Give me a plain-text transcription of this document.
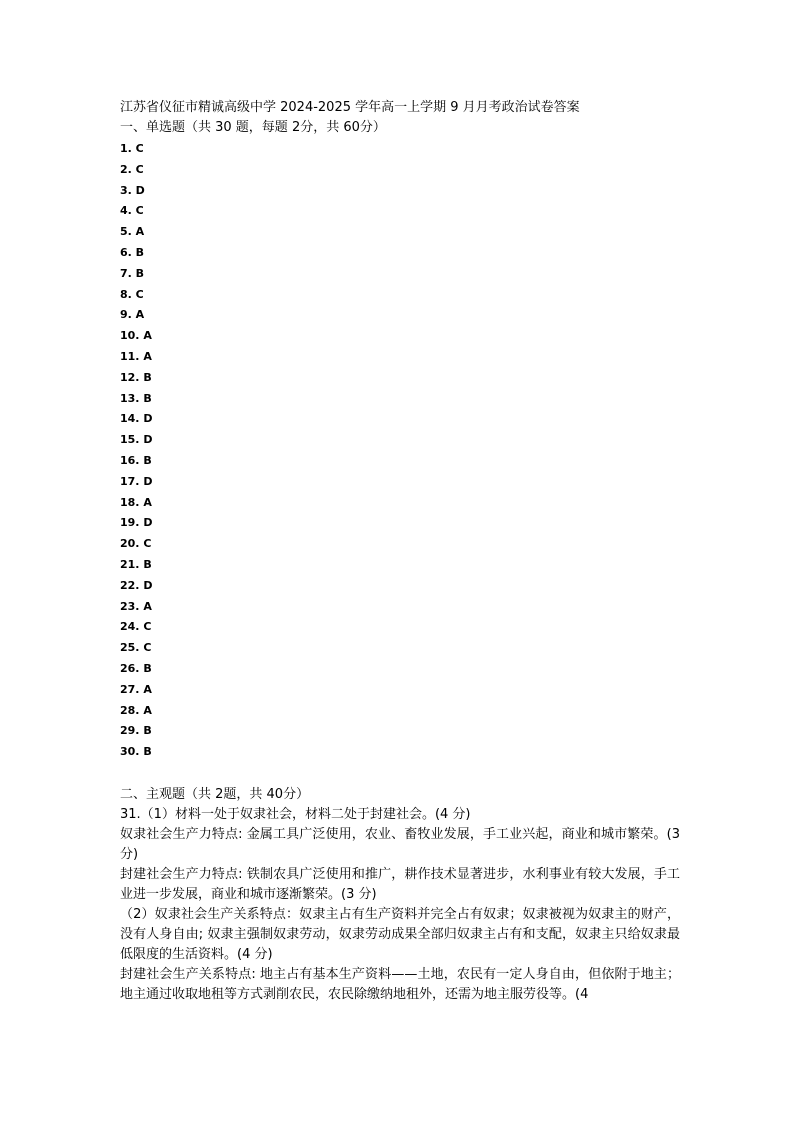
江苏省仪征市精诚高级中学 2024-2025 学年高一上学期 9 月月考政治试卷答案
一、单选题（共 30 题，每题 2分，共 60分）
1. C
2. C
3. D
4. C
5. A
6. B
7. B
8. C
9. A
10. A
11. A
12. B
13. B
14. D
15. D
16. B
17. D
18. A
19. D
20. C
21. B
22. D
23. A
24. C
25. C
26. B
27. A
28. A
29. B
30. B
二、主观题（共 2题，共 40分）

31.（1）材料一处于奴隶社会，材料二处于封建社会。(4 分)

奴隶社会生产力特点: 金属工具广泛使用，农业、畜牧业发展，手工业兴起，商业和城市繁荣。(3 分)

封建社会生产力特点: 铁制农具广泛使用和推广，耕作技术显著进步，水利事业有较大发展，手工业进一步发展，商业和城市逐渐繁荣。(3 分)

（2）奴隶社会生产关系特点：奴隶主占有生产资料并完全占有奴隶；奴隶被视为奴隶主的财产，没有人身自由; 奴隶主强制奴隶劳动，奴隶劳动成果全部归奴隶主占有和支配，奴隶主只给奴隶最低限度的生活资料。(4 分)

封建社会生产关系特点: 地主占有基本生产资料——土地，农民有一定人身自由，但依附于地主；地主通过收取地租等方式剥削农民，农民除缴纳地租外，还需为地主服劳役等。(4
